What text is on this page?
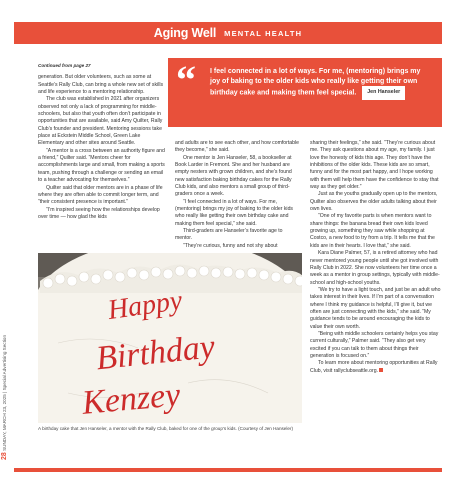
Aging Well MENTAL HEALTH
28 SUNDAY, MARCH 23, 2025 | Special Advertising Section

Continued from page 27

generation. But older volunteers, such as some at Seattle’s Rally Club, can bring a whole new set of skills and life experience to a mentoring relationship.

The club was established in 2021 after organizers observed not only a lack of programming for middle-schoolers, but also that youth often don’t participate in opportunities that are available, said Amy Quilter, Rally Club’s founder and president. Mentoring sessions take place at Eckstein Middle School, Green Lake Elementary and other sites around Seattle.

“A mentor is a cross between an authority figure and a friend,” Quilter said. “Mentors cheer for accomplishments large and small, from making a sports team, pushing through a challenge or sending an email to a teacher advocating for themselves.”

Quilter said that older mentors are in a phase of life where they are often able to commit longer term, and “their consistent presence is important.”

“I’m inspired seeing how the relationships develop over time — how glad the kids

“ I feel connected in a lot of ways. For me, (mentoring) brings my joy of baking to the older kids who really like getting their own birthday cake and making them feel special. Jen Hanseler

and adults are to see each other, and how comfortable they become,” she said.

One mentor is Jen Hanseler, 58, a bookseller at Book Larder in Fremont. She and her husband are empty nesters with grown children, and she’s found new satisfaction baking birthday cakes for the Rally Club kids, and also mentors a small group of third-graders once a week.

“I feel connected in a lot of ways. For me, (mentoring) brings my joy of baking to the older kids who really like getting their own birthday cake and making them feel special,” she said.

Third-graders are Hanseler’s favorite age to mentor.

“They’re curious, funny and not shy about

sharing their feelings,” she said. “They’re curious about me. They ask questions about my age, my family. I just love the honesty of kids this age. They don’t have the inhibitions of the older kids. These kids are so smart, funny and for the most part happy, and I hope working with them will help them have the confidence to stay that way as they get older.”

Just as the youths gradually open up to the mentors, Quilter also observes the older adults talking about their own lives.

“One of my favorite parts is when mentors want to share things: the banana bread their own kids loved growing up, something they saw while shopping at Costco, a new food to try from a trip. It tells me that the kids are in their hearts. I love that,” she said.

Kara Diane Palmer, 57, is a retired attorney who had never mentored young people until she got involved with Rally Club in 2022. She now volunteers her time once a week as a mentor in group settings, typically with middle-school and high-school youths.

“We try to have a light touch, and just be an adult who takes interest in their lives. If I’m part of a conversation where I think my guidance is helpful, I’ll give it, but we often are just connecting with the kids,” she said. “My guidance tends to be around encouraging the kids to value their own worth.

“Being with middle schoolers certainly helps you stay current culturally,” Palmer said. “They also get very excited if you can talk to them about things their generation is focused on.”

To learn more about mentoring opportunities at Rally Club, visit rallyclubseattle.org.

Happy
Birthday
Kenzey
A birthday cake that Jen Hanseler, a mentor with the Rally Club, baked for one of the group’s kids. (Courtesy of Jen Hanseler)
